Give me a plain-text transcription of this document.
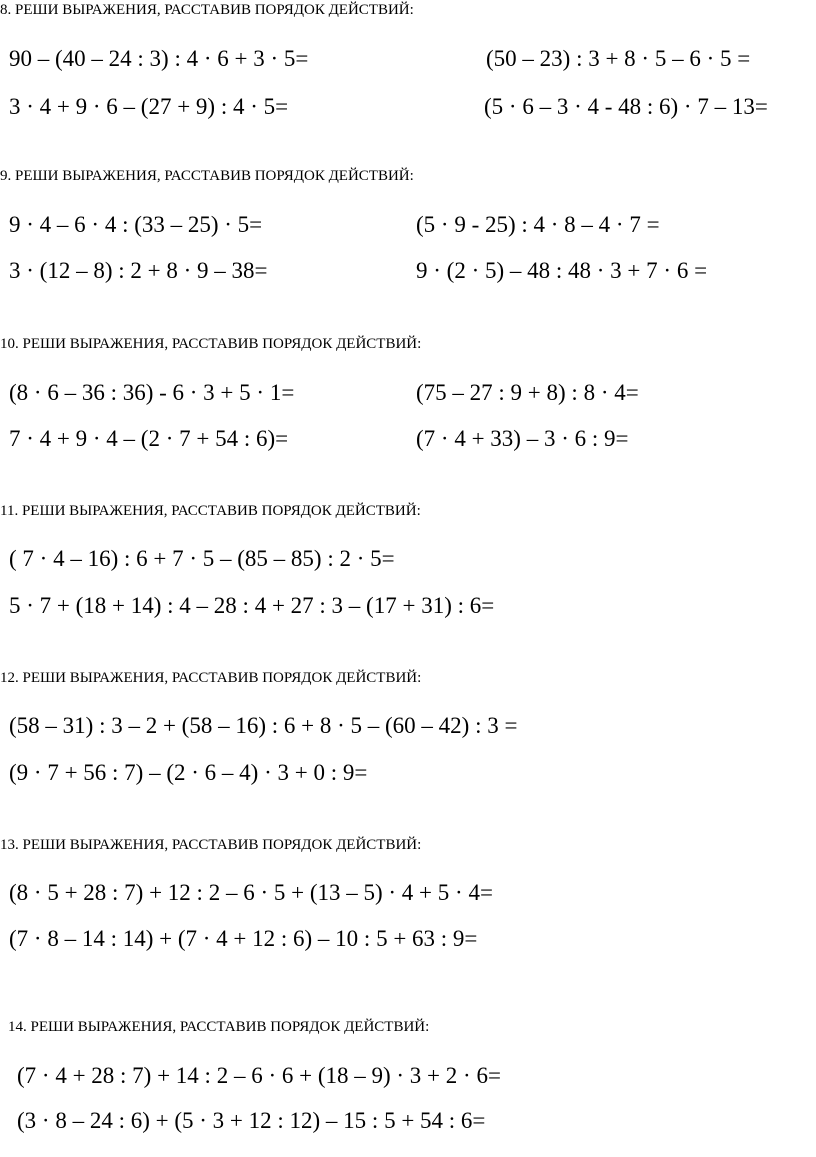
8. РЕШИ ВЫРАЖЕНИЯ, РАССТАВИВ ПОРЯДОК ДЕЙСТВИЙ:
90 – (40 – 24 : 3) : 4 · 6 + 3 · 5=	(50 – 23) : 3 + 8 · 5 – 6 · 5 =
3 · 4 + 9 · 6 – (27 + 9) : 4 · 5=	(5 · 6 – 3 · 4 - 48 : 6) · 7 – 13=
9. РЕШИ ВЫРАЖЕНИЯ, РАССТАВИВ ПОРЯДОК ДЕЙСТВИЙ:
9 · 4 – 6 · 4 : (33 – 25) · 5=	(5 · 9 - 25) : 4 · 8 – 4 · 7 =
3 · (12 – 8) : 2 + 8 · 9 – 38=	9 · (2 · 5) – 48 : 48 · 3 + 7 · 6 =
10. РЕШИ ВЫРАЖЕНИЯ, РАССТАВИВ ПОРЯДОК ДЕЙСТВИЙ:
(8 · 6 – 36 : 36) - 6 · 3 + 5 · 1=	(75 – 27 : 9 + 8) : 8 · 4=
7 · 4 + 9 · 4 – (2 · 7 + 54 : 6)=	(7 · 4 + 33) – 3 · 6 : 9=
11. РЕШИ ВЫРАЖЕНИЯ, РАССТАВИВ ПОРЯДОК ДЕЙСТВИЙ:
( 7 · 4 – 16) : 6 + 7 · 5 – (85 – 85) : 2 · 5=
5 · 7 + (18 + 14) : 4 – 28 : 4 + 27 : 3 – (17 + 31) : 6=
12. РЕШИ ВЫРАЖЕНИЯ, РАССТАВИВ ПОРЯДОК ДЕЙСТВИЙ:
(58 – 31) : 3 – 2 + (58 – 16) : 6 + 8 · 5 – (60 – 42) : 3 =
(9 · 7 + 56 : 7) – (2 · 6 – 4) · 3 + 0 : 9=
13. РЕШИ ВЫРАЖЕНИЯ, РАССТАВИВ ПОРЯДОК ДЕЙСТВИЙ:
(8 · 5 + 28 : 7) + 12 : 2 – 6 · 5 + (13 – 5) · 4 + 5 · 4=
(7 · 8 – 14 : 14) + (7 · 4 + 12 : 6) – 10 : 5 + 63 : 9=
14. РЕШИ ВЫРАЖЕНИЯ, РАССТАВИВ ПОРЯДОК ДЕЙСТВИЙ:
(7 · 4 + 28 : 7) + 14 : 2 – 6 · 6 + (18 – 9) · 3 + 2 · 6=
(3 · 8 – 24 : 6) + (5 · 3 + 12 : 12) – 15 : 5 + 54 : 6=
